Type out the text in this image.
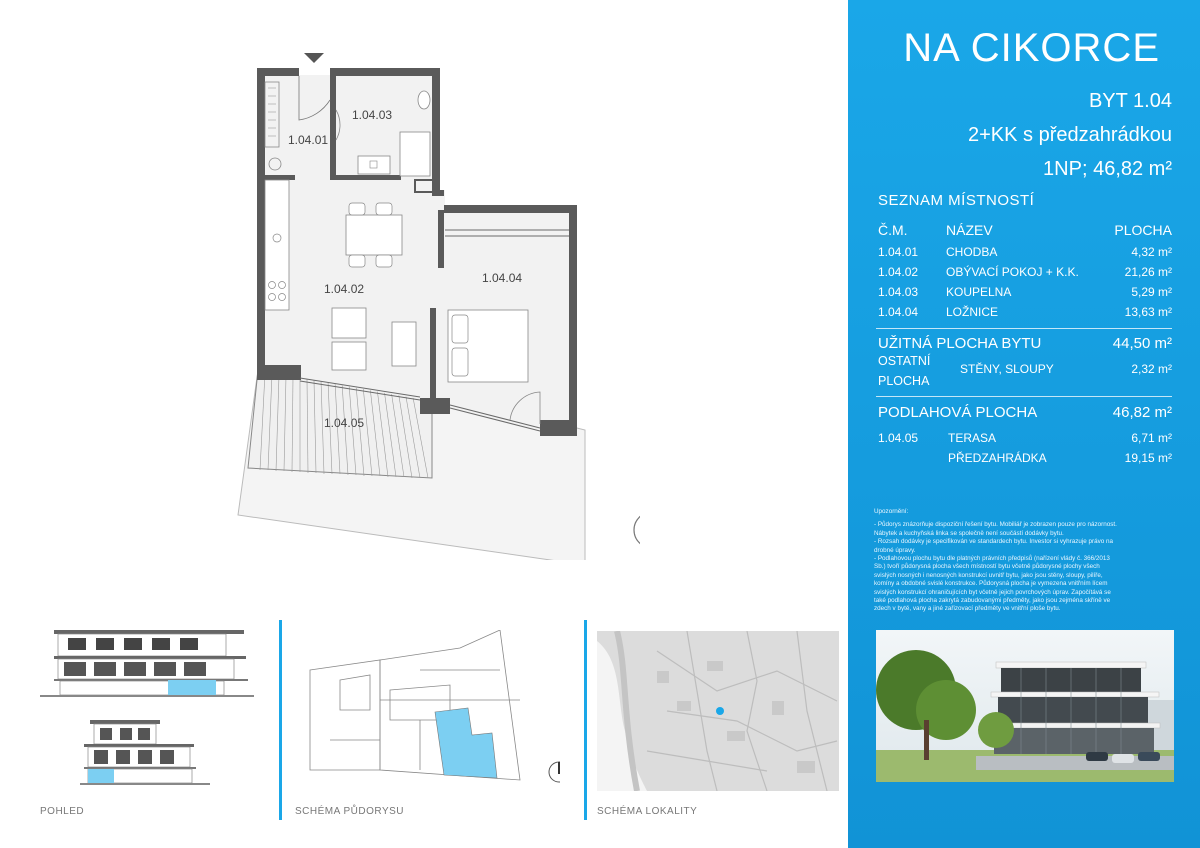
1.04.01
1.04.03
1.04.02
1.04.04
1.04.05
POHLED	SCHÉMA PŮDORYSU	SCHÉMA LOKALITY
NA CIKORCE
BYT 1.04
2+KK s předzahrádkou
1NP; 46,82 m²
SEZNAM MÍSTNOSTÍ
Č.M.	NÁZEV	PLOCHA
1.04.01 CHODBA	4,32 m²
1.04.02 OBÝVACÍ POKOJ + K.K.	21,26 m²
1.04.03 KOUPELNA	5,29 m²
1.04.04 LOŽNICE	13,63 m²
UŽITNÁ PLOCHA BYTU	44,50 m²
OSTATNÍ
PLOCHA
STĚNY, SLOUPY	2,32 m²
PODLAHOVÁ PLOCHA	46,82 m²
1.04.05 TERASA	6,71 m²
PŘEDZAHRÁDKA	19,15 m²

Upozornění:

- Půdorys znázorňuje dispoziční řešení bytu. Mobiliář je zobrazen pouze pro názornost.

Nábytek a kuchyňská linka se společně není součástí dodávky bytu.

- Rozsah dodávky je specifikován ve standardech bytu. Investor si vyhrazuje právo na

drobné úpravy.

- Podlahovou plochu bytu dle platných právních předpisů (nařízení vlády č. 366/2013

Sb.) tvoří půdorysná plocha všech místností bytu včetně půdorysné plochy všech

svislých nosných i nenosných konstrukcí uvnitř bytu, jako jsou stěny, sloupy, pilíře,

komíny a obdobné svislé konstrukce. Půdorysná plocha je vymezena vnitřním lícem

svislých konstrukcí ohraničujících byt včetně jejich povrchových úprav. Započítává se

také podlahová plocha zakrytá zabudovanými předměty, jako jsou zejména skříně ve

zdech v bytě, vany a jiné zařizovací předměty ve vnitřní ploše bytu.
